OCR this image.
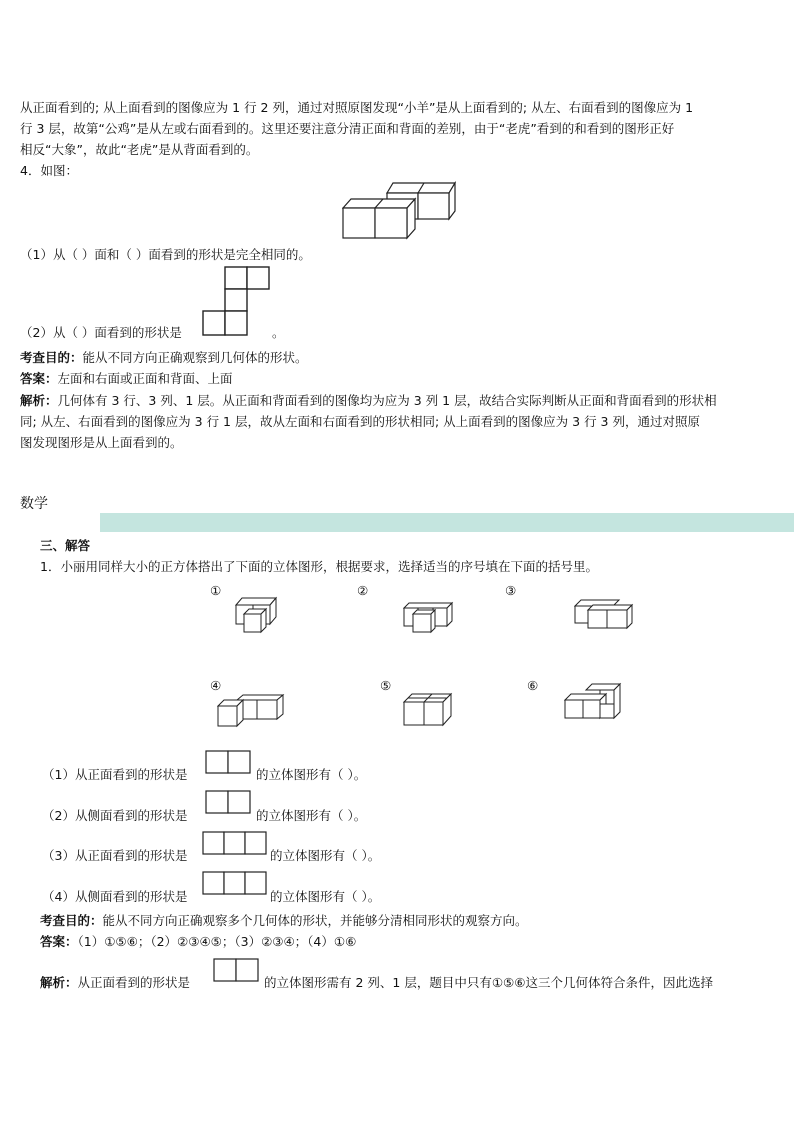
从正面看到的; 从上面看到的图像应为 1 行 2 列，通过对照原图发现“小羊”是从上面看到的; 从左、右面看到的图像应为 1
行 3 层，故第“公鸡”是从左或右面看到的。这里还要注意分清正面和背面的差别，由于“老虎”看到的和看到的图形正好
相反“大象”，故此“老虎”是从背面看到的。
4．如图：
（1）从（ ）面和（ ）面看到的形状是完全相同的。
（2）从（ ）面看到的形状是	。
考查目的：能从不同方向正确观察到几何体的形状。
答案：左面和右面或正面和背面、上面
解析：几何体有 3 行、3 列、1 层。从正面和背面看到的图像均为应为 3 列 1 层，故结合实际判断从正面和背面看到的形状相
同; 从左、右面看到的图像应为 3 行 1 层，故从左面和右面看到的形状相同; 从上面看到的图像应为 3 行 3 列，通过对照原
图发现图形是从上面看到的。
数学
三、解答
1．小丽用同样大小的正方体搭出了下面的立体图形，根据要求，选择适当的序号填在下面的括号里。
①	②	③
④	⑤	⑥
（1）从正面看到的形状是	的立体图形有（ ）。
（2）从侧面看到的形状是	的立体图形有（ ）。
（3）从正面看到的形状是	的立体图形有（ ）。
（4）从侧面看到的形状是	的立体图形有（ ）。
考查目的：能从不同方向正确观察多个几何体的形状，并能够分清相同形状的观察方向。
答案：（1）①⑤⑥；（2）②③④⑤；（3）②③④；（4）①⑥
解析：从正面看到的形状是	的立体图形需有 2 列、1 层，题目中只有①⑤⑥这三个几何体符合条件，因此选择
